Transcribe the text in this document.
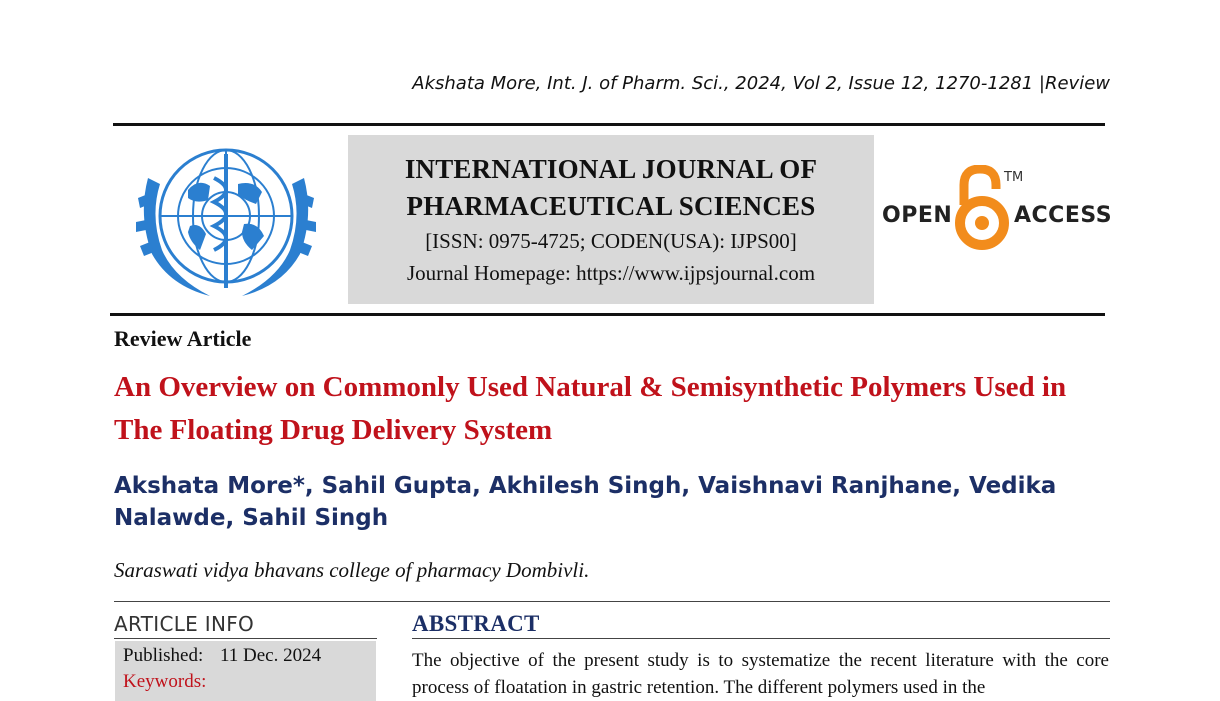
Akshata More, Int. J. of Pharm. Sci., 2024, Vol 2, Issue 12, 1270-1281 |Review
INTERNATIONAL JOURNAL OF
PHARMACEUTICAL SCIENCES
[ISSN: 0975-4725; CODEN(USA): IJPS00]
Journal Homepage: https://www.ijpsjournal.com
OPEN
TM
ACCESS
Review Article
An Overview on Commonly Used Natural & Semisynthetic Polymers Used in The Floating Drug Delivery System
Akshata More*, Sahil Gupta, Akhilesh Singh, Vaishnavi Ranjhane, Vedika Nalawde, Sahil Singh
Saraswati vidya bhavans college of pharmacy Dombivli.
ARTICLE INFO
Published: 11 Dec. 2024
Keywords:
ABSTRACT
The objective of the present study is to systematize the recent literature with the core process of floatation in gastric retention. The different polymers used in the
